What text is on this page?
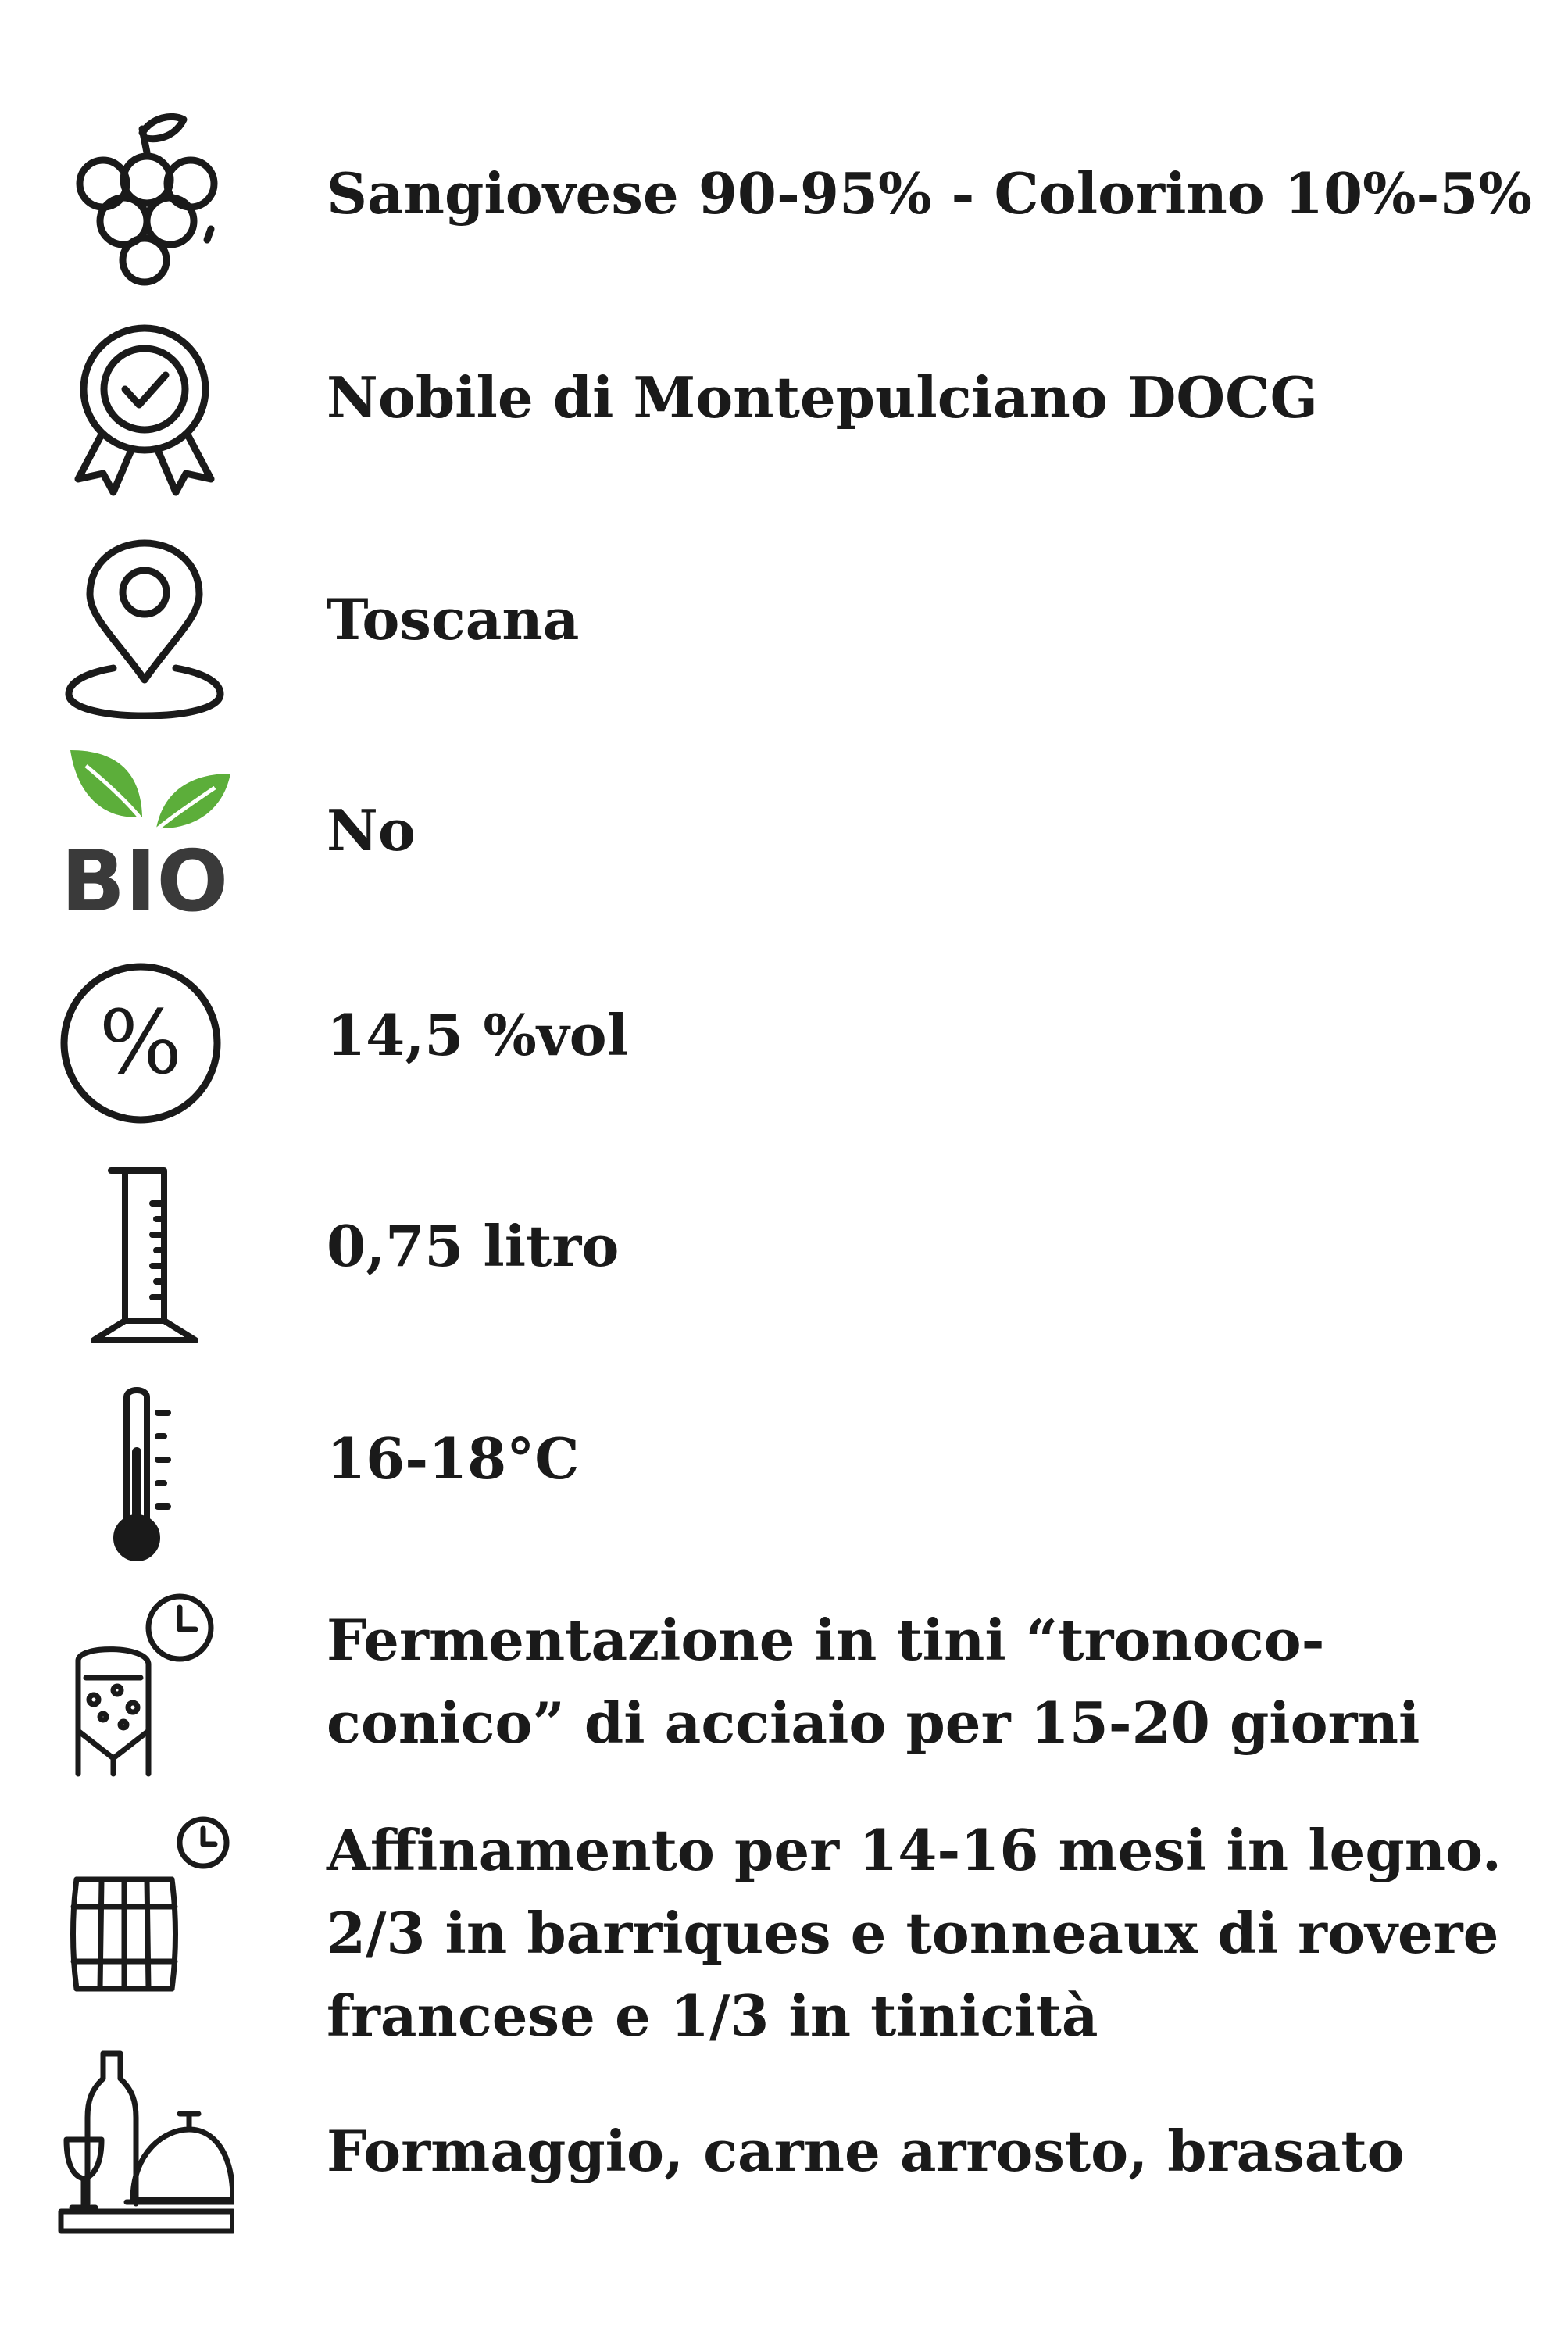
Sangiovese 90-95% - Colorino 10%-5%
Nobile di Montepulciano DOCG
Toscana
BIO
No
%	14,5 %vol
0,75 litro
16-18°C
Fermentazione in tini “tronoco-
conico” di acciaio per 15-20 giorni
Affinamento per 14-16 mesi in legno.
2/3 in barriques e tonneaux di rovere
francese e 1/3 in tinicità
Formaggio, carne arrosto, brasato
